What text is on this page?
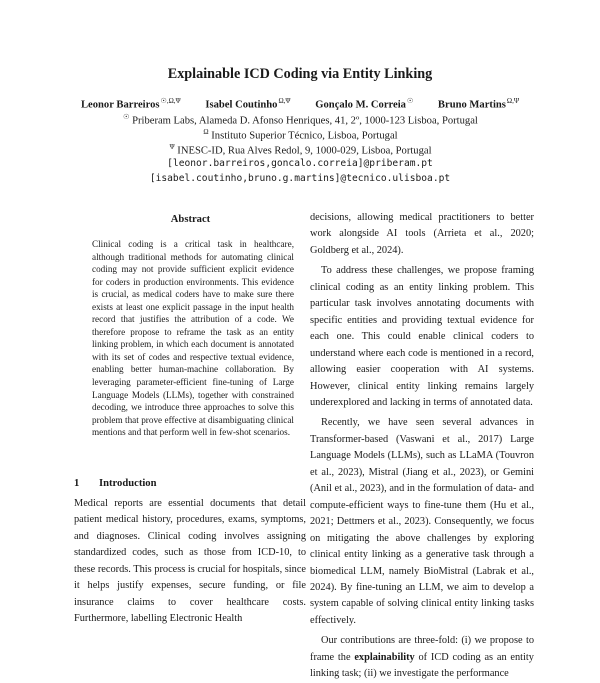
Explainable ICD Coding via Entity Linking
Leonor Barreiros$^{☉,\Omega,\Psi}$ Isabel Coutinho$^{\Omega,\Psi}$ Gonçalo M. Correia☉ Bruno Martins$^{\Omega,\Psi}$
☉ Priberam Labs, Alameda D. Afonso Henriques, 41, 2º, 1000-123 Lisboa, Portugal
$^\Omega$ Instituto Superior Técnico, Lisboa, Portugal
$^\Psi$ INESC-ID, Rua Alves Redol, 9, 1000-029, Lisboa, Portugal
[leonor.barreiros,goncalo.correia]@priberam.pt
[isabel.coutinho,bruno.g.martins]@tecnico.ulisboa.pt
Abstract
Clinical coding is a critical task in healthcare, although traditional methods for automating clinical coding may not provide sufficient explicit evidence for coders in production environments. This evidence is crucial, as medical coders have to make sure there exists at least one explicit passage in the input health record that justifies the attribution of a code. We therefore propose to reframe the task as an entity linking problem, in which each document is annotated with its set of codes and respective textual evidence, enabling better human-machine collaboration. By leveraging parameter-efficient fine-tuning of Large Language Models (LLMs), together with constrained decoding, we introduce three approaches to solve this problem that prove effective at disambiguating clinical mentions and that perform well in few-shot scenarios.
1 Introduction

Medical reports are essential documents that detail patient medical history, procedures, exams, symptoms, and diagnoses. Clinical coding involves assigning standardized codes, such as those from ICD-10, to these records. This process is crucial for hospitals, since it helps justify expenses, secure funding, or file insurance claims to cover healthcare costs. Furthermore, labelling Electronic Health

decisions, allowing medical practitioners to better work alongside AI tools (Arrieta et al., 2020; Goldberg et al., 2024).

To address these challenges, we propose framing clinical coding as an entity linking problem. This particular task involves annotating documents with specific entities and providing textual evidence for each one. This could enable clinical coders to understand where each code is mentioned in a record, allowing easier cooperation with AI systems. However, clinical entity linking remains largely underexplored and lacking in terms of annotated data.

Recently, we have seen several advances in Transformer-based (Vaswani et al., 2017) Large Language Models (LLMs), such as LLaMA (Touvron et al., 2023), Mistral (Jiang et al., 2023), or Gemini (Anil et al., 2023), and in the formulation of data- and compute-efficient ways to fine-tune them (Hu et al., 2021; Dettmers et al., 2023). Consequently, we focus on mitigating the above challenges by exploring clinical entity linking as a generative task through a biomedical LLM, namely BioMistral (Labrak et al., 2024). By fine-tuning an LLM, we aim to develop a system capable of solving clinical entity linking tasks effectively.

Our contributions are three-fold: (i) we propose to frame the explainability of ICD coding as an entity linking task; (ii) we investigate the performance
